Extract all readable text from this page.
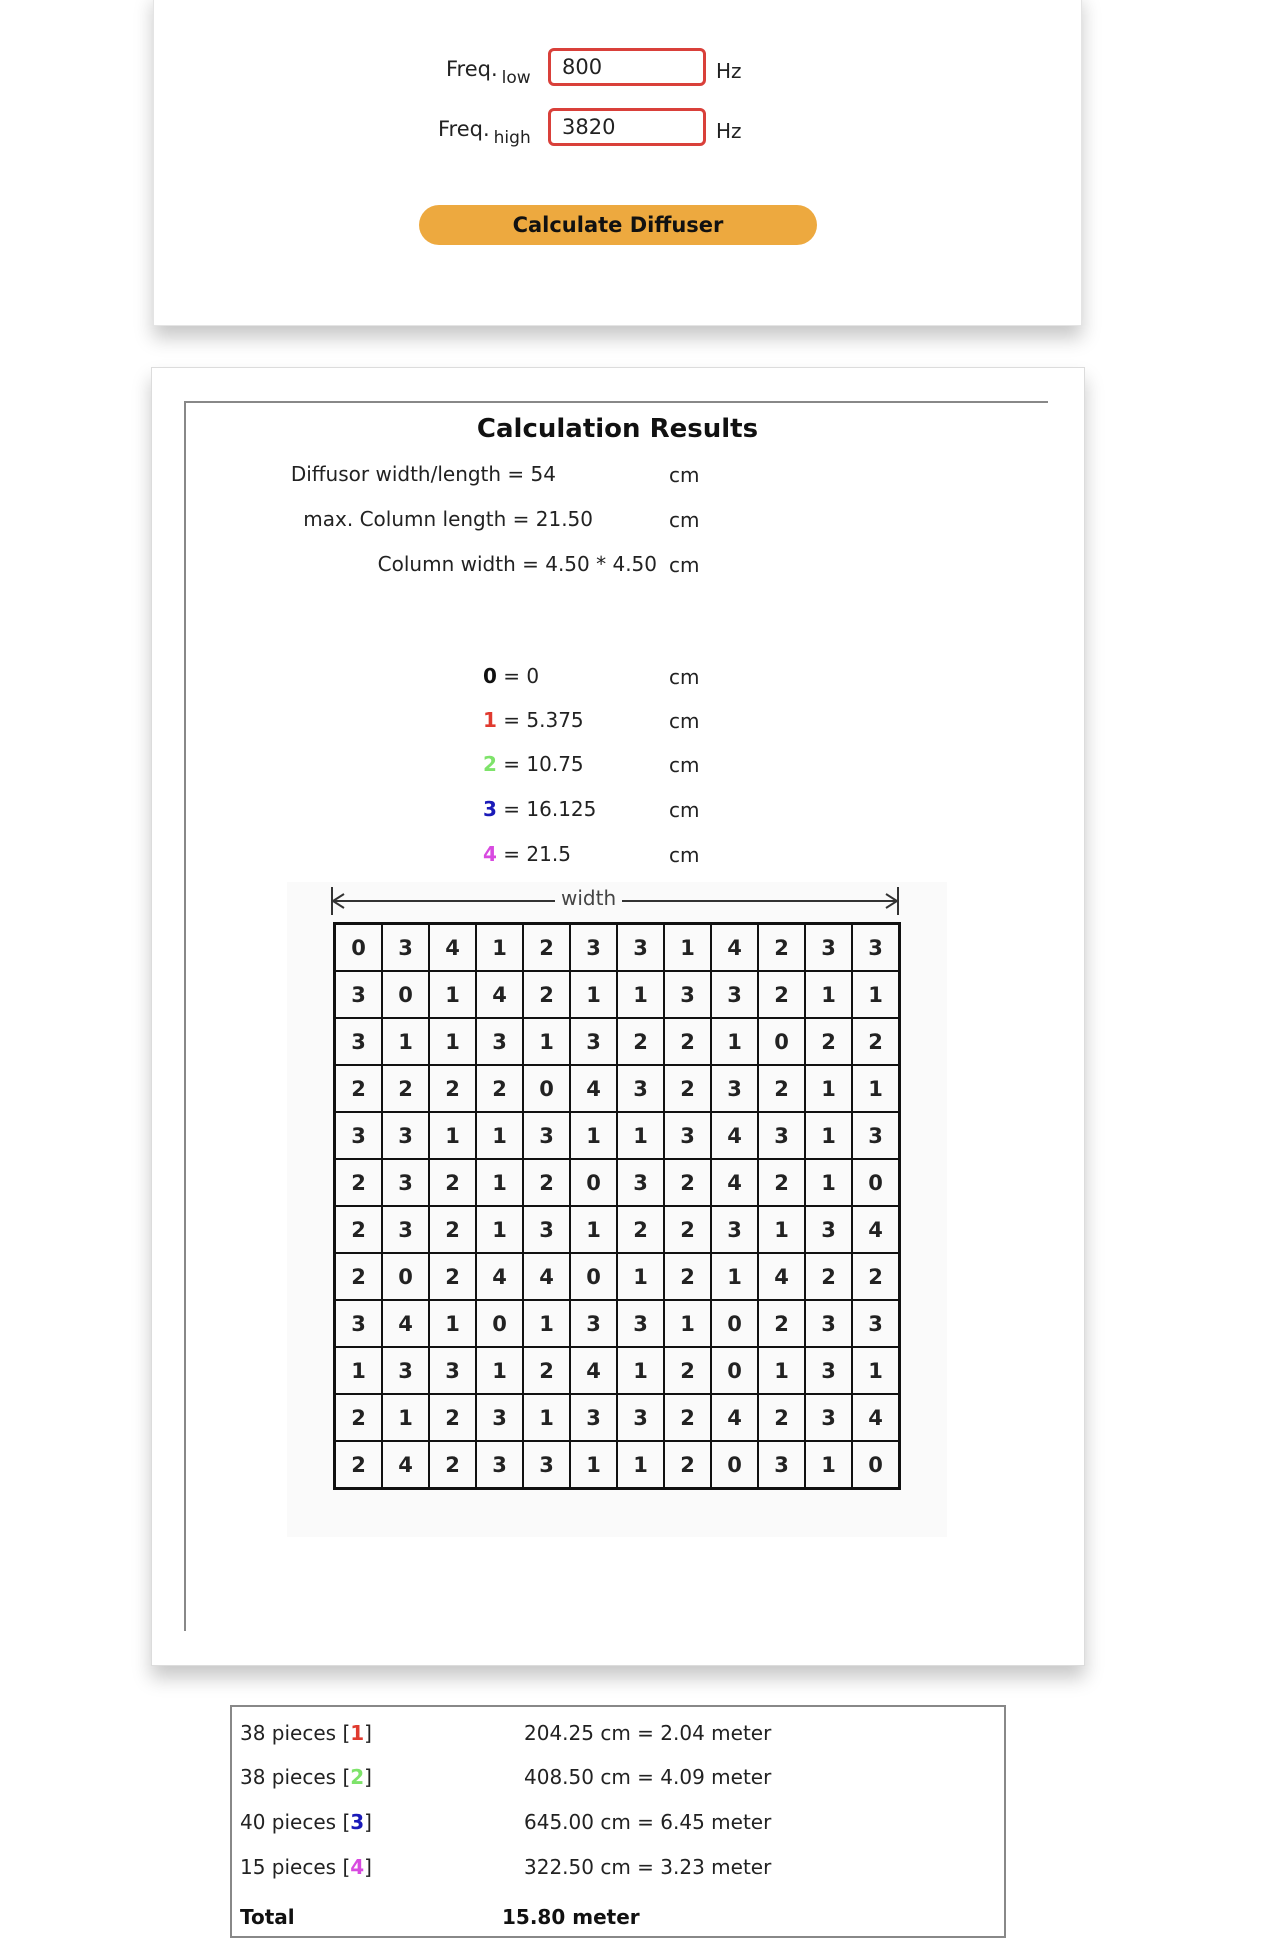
Freq. $_{low}$
800	Hz
Freq. $_{high}$
3820	Hz
Calculate Diffuser
Calculation Results
Diffusor width/length = 54	cm
max. Column length = 21.50	cm
Column width = 4.50 * 4.50 cm
0 = 0	cm
1 = 5.375	cm
2 = 10.75	cm
3 = 16.125	cm
4 = 21.5	cm
width
0	3	4	1	2	3	3	1	4	2	3	3
3	0	1	4	2	1	1	3	3	2	1	1
3	1	1	3	1	3	2	2	1	0	2	2
2	2	2	2	0	4	3	2	3	2	1	1
3	3	1	1	3	1	1	3	4	3	1	3
2	3	2	1	2	0	3	2	4	2	1	0
2	3	2	1	3	1	2	2	3	1	3	4
2	0	2	4	4	0	1	2	1	4	2	2
3	4	1	0	1	3	3	1	0	2	3	3
1	3	3	1	2	4	1	2	0	1	3	1
2	1	2	3	1	3	3	2	4	2	3	4
2	4	2	3	3	1	1	2	0	3	1	0
38 pieces [1]	204.25 cm = 2.04 meter
38 pieces [2]	408.50 cm = 4.09 meter
40 pieces [3]	645.00 cm = 6.45 meter
15 pieces [4]	322.50 cm = 3.23 meter
Total	15.80 meter
